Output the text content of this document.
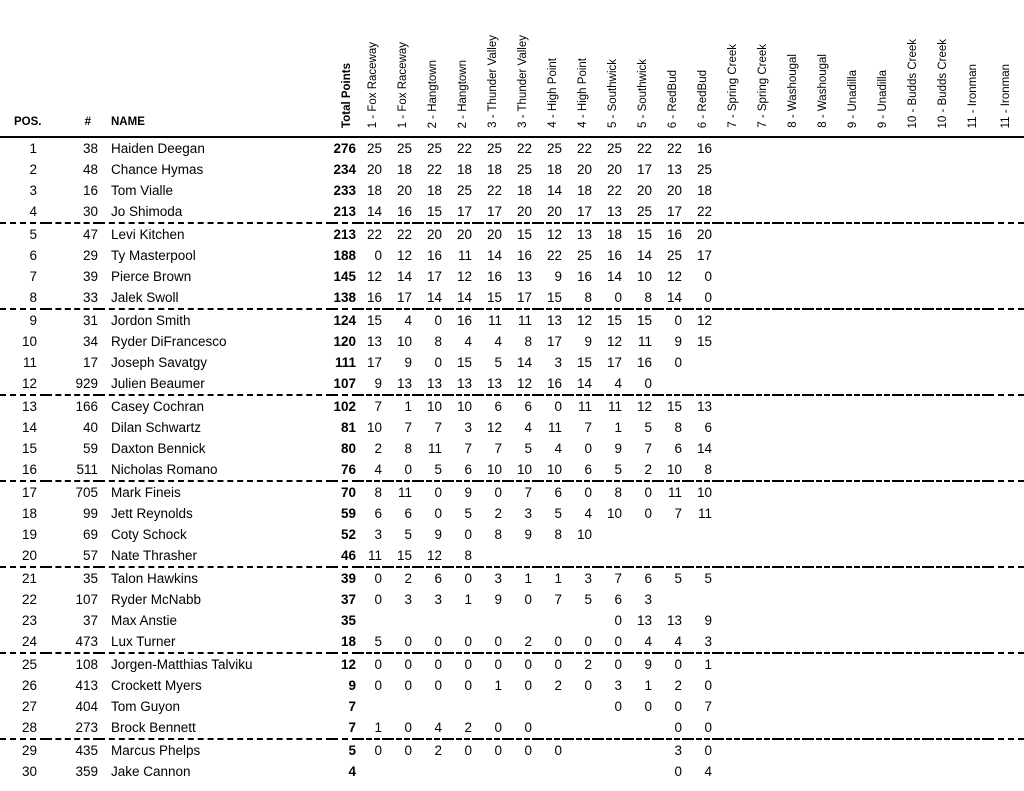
POS.	#	NAME	Total Points	1 - Fox Raceway	1 - Fox Raceway	2 - Hangtown	2 - Hangtown	3 - Thunder Valley	3 - Thunder Valley	4 - High Point	4 - High Point	5 - Southwick	5 - Southwick	6 - RedBud	6 - RedBud	7 - Spring Creek	7 - Spring Creek	8 - Washougal	8 - Washougal	9 - Unadilla	9 - Unadilla	10 - Budds Creek	10 - Budds Creek	11 - Ironman	11 - Ironman

1	38	Haiden Deegan	276	25	25	25	22	25	22	25	22	25	22	22	16										
2	48	Chance Hymas	234	20	18	22	18	18	25	18	20	20	17	13	25										
3	16	Tom Vialle	233	18	20	18	25	22	18	14	18	22	20	20	18										
4	30	Jo Shimoda	213	14	16	15	17	17	20	20	17	13	25	17	22										
5	47	Levi Kitchen	213	22	22	20	20	20	15	12	13	18	15	16	20										
6	29	Ty Masterpool	188	0	12	16	11	14	16	22	25	16	14	25	17										
7	39	Pierce Brown	145	12	14	17	12	16	13	9	16	14	10	12	0										
8	33	Jalek Swoll	138	16	17	14	14	15	17	15	8	0	8	14	0										
9	31	Jordon Smith	124	15	4	0	16	11	11	13	12	15	15	0	12										
10	34	Ryder DiFrancesco	120	13	10	8	4	4	8	17	9	12	11	9	15										
11	17	Joseph Savatgy	111	17	9	0	15	5	14	3	15	17	16	0											
12	929	Julien Beaumer	107	9	13	13	13	13	12	16	14	4	0												
13	166	Casey Cochran	102	7	1	10	10	6	6	0	11	11	12	15	13										
14	40	Dilan Schwartz	81	10	7	7	3	12	4	11	7	1	5	8	6										
15	59	Daxton Bennick	80	2	8	11	7	7	5	4	0	9	7	6	14										
16	511	Nicholas Romano	76	4	0	5	6	10	10	10	6	5	2	10	8										
17	705	Mark Fineis	70	8	11	0	9	0	7	6	0	8	0	11	10										
18	99	Jett Reynolds	59	6	6	0	5	2	3	5	4	10	0	7	11										
19	69	Coty Schock	52	3	5	9	0	8	9	8	10														
20	57	Nate Thrasher	46	11	15	12	8																		
21	35	Talon Hawkins	39	0	2	6	0	3	1	1	3	7	6	5	5										
22	107	Ryder McNabb	37	0	3	3	1	9	0	7	5	6	3												
23	37	Max Anstie	35									0	13	13	9										
24	473	Lux Turner	18	5	0	0	0	0	2	0	0	0	4	4	3										
25	108	Jorgen-Matthias Talviku	12	0	0	0	0	0	0	0	2	0	9	0	1										
26	413	Crockett Myers	9	0	0	0	0	1	0	2	0	3	1	2	0										
27	404	Tom Guyon	7									0	0	0	7										
28	273	Brock Bennett	7	1	0	4	2	0	0					0	0										
29	435	Marcus Phelps	5	0	0	2	0	0	0	0				3	0										
30	359	Jake Cannon	4											0	4										
